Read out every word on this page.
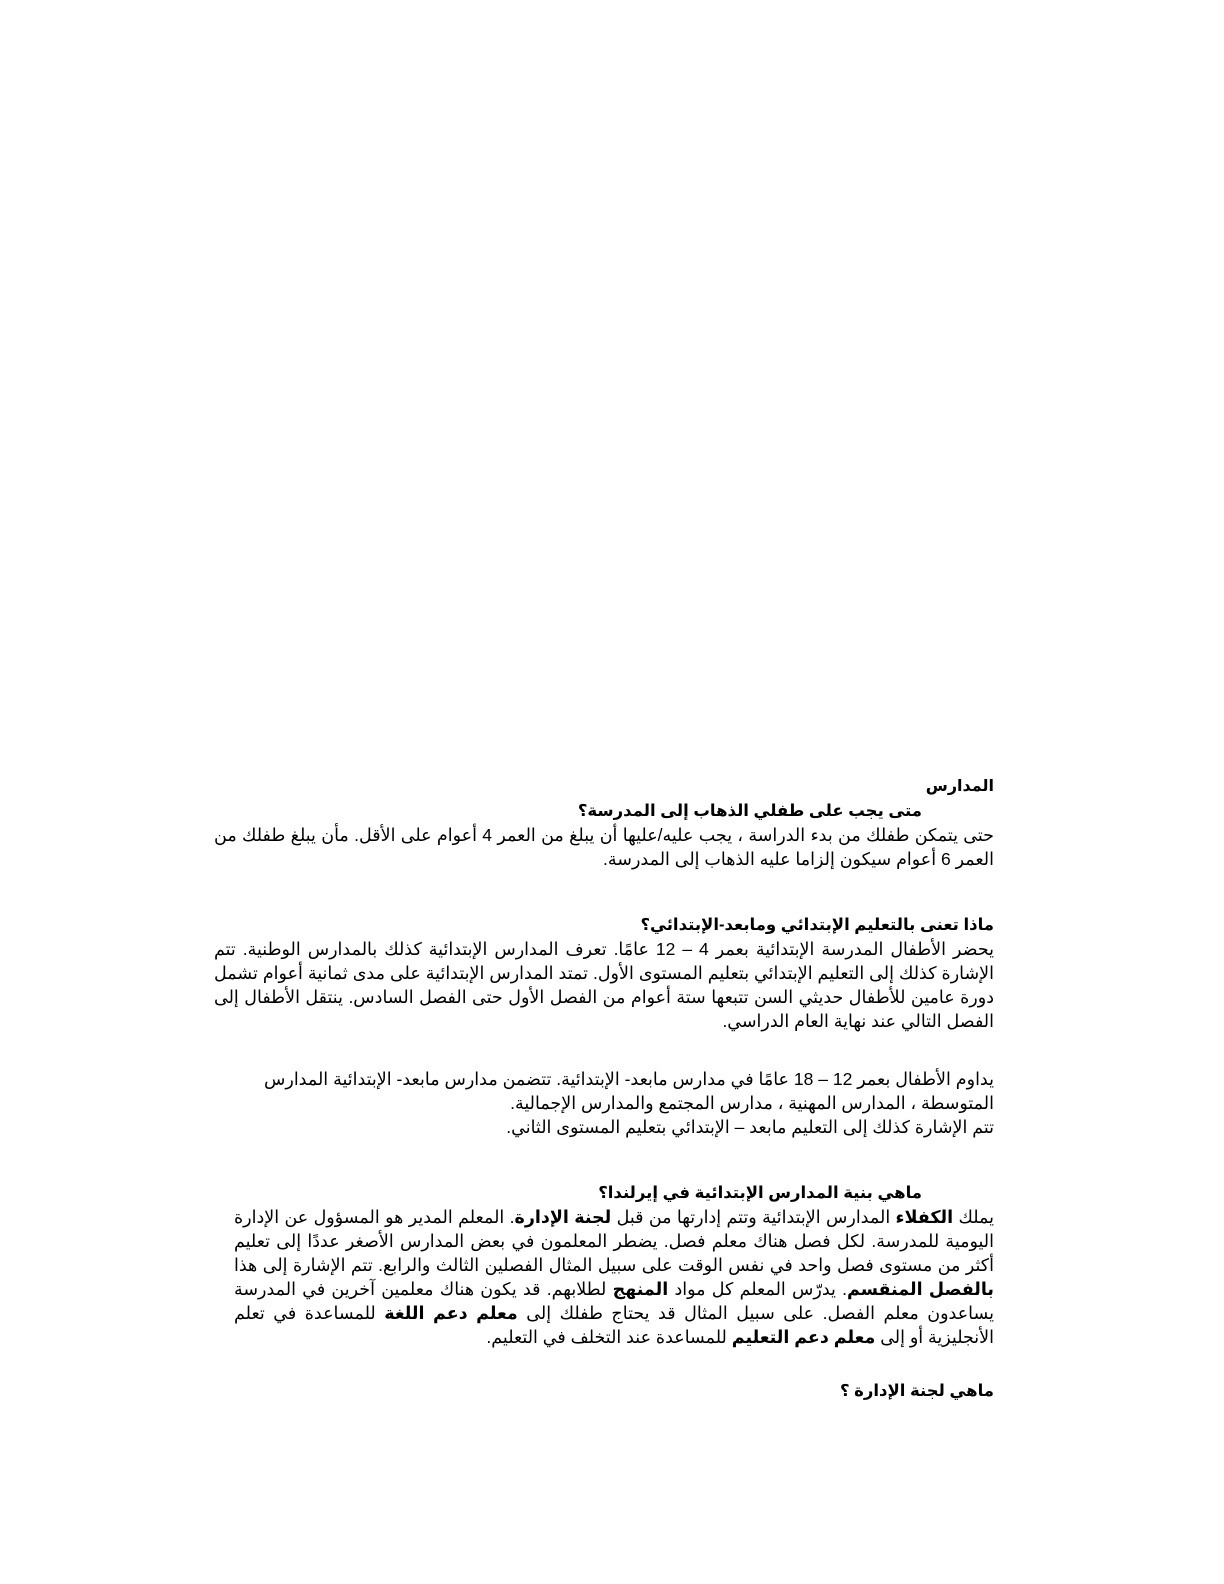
المدارس

متى يجب على طفلي الذهاب إلى المدرسة؟

حتى يتمكن طفلك من بدء الدراسة ، يجب عليه/عليها أن يبلغ من العمر 4 أعوام على الأقل. مأن يبلغ طفلك من العمر 6 أعوام سيكون إلزاما عليه الذهاب إلى المدرسة.

ماذا تعنى بالتعليم الإبتدائي ومابعد-الإبتدائي؟

يحضر الأطفال المدرسة الإبتدائية بعمر 4 – 12 عامًا. تعرف المدارس الإبتدائية كذلك بالمدارس الوطنية. تتم الإشارة كذلك إلى التعليم الإبتدائي بتعليم المستوى الأول. تمتد المدارس الإبتدائية على مدى ثمانية أعوام تشمل دورة عامين للأطفال حديثي السن تتبعها ستة أعوام من الفصل الأول حتى الفصل السادس. ينتقل الأطفال إلى الفصل التالي عند نهاية العام الدراسي.

يداوم الأطفال بعمر 12 – 18 عامًا في مدارس مابعد- الإبتدائية. تتضمن مدارس مابعد- الإبتدائية المدارس المتوسطة ، المدارس المهنية ، مدارس المجتمع والمدارس الإجمالية.

تتم الإشارة كذلك إلى التعليم مابعد – الإبتدائي بتعليم المستوى الثاني.

ماهي بنية المدارس الإبتدائية في إيرلندا؟

يملك الكفلاء المدارس الإبتدائية وتتم إدارتها من قبل لجنة الإدارة. المعلم المدير هو المسؤول عن الإدارة اليومية للمدرسة. لكل فصل هناك معلم فصل. يضطر المعلمون في بعض المدارس الأصغر عددًا إلى تعليم أكثر من مستوى فصل واحد في نفس الوقت على سبيل المثال الفصلين الثالث والرابع. تتم الإشارة إلى هذا بالفصل المنقسم. يدرّس المعلم كل مواد المنهج لطلابهم. قد يكون هناك معلمين آخرين في المدرسة يساعدون معلم الفصل. على سبيل المثال قد يحتاج طفلك إلى معلم دعم اللغة للمساعدة في تعلم الأنجليزية أو إلى معلم دعم التعليم للمساعدة عند التخلف في التعليم.

ماهي لجنة الإدارة ؟
